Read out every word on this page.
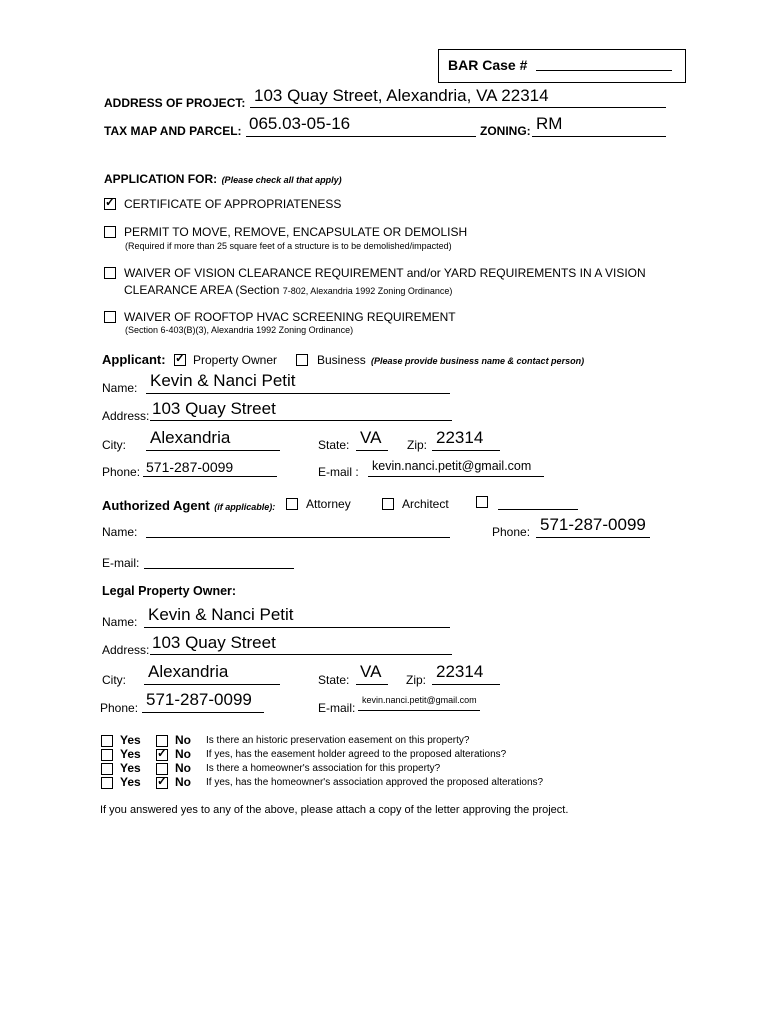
BAR Case #
ADDRESS OF PROJECT: 103 Quay Street, Alexandria, VA 22314
TAX MAP AND PARCEL: 065.03-05-16	ZONING: RM
APPLICATION FOR: (Please check all that apply)
✓ CERTIFICATE OF APPROPRIATENESS
PERMIT TO MOVE, REMOVE, ENCAPSULATE OR DEMOLISH
(Required if more than 25 square feet of a structure is to be demolished/impacted)
WAIVER OF VISION CLEARANCE REQUIREMENT and/or YARD REQUIREMENTS IN A VISION
CLEARANCE AREA (Section 7-802, Alexandria 1992 Zoning Ordinance)
WAIVER OF ROOFTOP HVAC SCREENING REQUIREMENT
(Section 6-403(B)(3), Alexandria 1992 Zoning Ordinance)
Applicant: ✓ Property Owner	Business (Please provide business name & contact person)
Name: Kevin & Nanci Petit
Address: 103 Quay Street
City: Alexandria	State: VA Zip: 22314
Phone: 571-287-0099	E-mail : kevin.nanci.petit@gmail.com
Authorized Agent (if applicable):	Attorney	Architect
Name:	Phone: 571-287-0099
E-mail:
Legal Property Owner:
Name: Kevin & Nanci Petit
Address: 103 Quay Street
City: Alexandria	State: VA Zip: 22314
Phone: 571-287-0099	E-mail:
kevin.nanci.petit@gmail.com
Yes	No Is there an historic preservation easement on this property?
Yes ✓ No If yes, has the easement holder agreed to the proposed alterations?
Yes	No Is there a homeowner's association for this property?
Yes ✓ No If yes, has the homeowner's association approved the proposed alterations?
If you answered yes to any of the above, please attach a copy of the letter approving the project.
